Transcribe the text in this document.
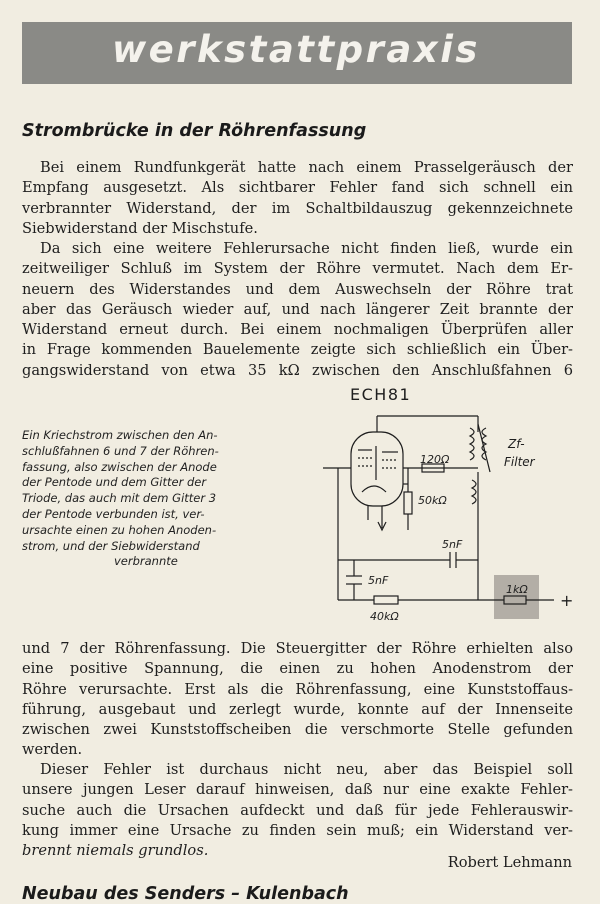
werkstattpraxis
Strombrücke in der Röhrenfassung
Bei einem Rundfunkgerät hatte nach einem Prasselgeräusch der
Empfang ausgesetzt. Als sichtbarer Fehler fand sich schnell ein
verbrannter Widerstand, der im Schaltbildauszug gekennzeichnete
Siebwiderstand der Mischstufe.
Da sich eine weitere Fehlerursache nicht finden ließ, wurde ein
zeitweiliger Schluß im System der Röhre vermutet. Nach dem Er-
neuern des Widerstandes und dem Auswechseln der Röhre trat
aber das Geräusch wieder auf, und nach längerer Zeit brannte der
Widerstand erneut durch. Bei einem nochmaligen Überprüfen aller
in Frage kommenden Bauelemente zeigte sich schließlich ein Über-
gangswiderstand von etwa 35 kΩ zwischen den Anschlußfahnen 6
Ein Kriechstrom zwischen den An-
schlußfahnen 6 und 7 der Röhren-
fassung, also zwischen der Anode
der Pentode und dem Gitter der
Triode, das auch mit dem Gitter 3
der Pentode verbunden ist, ver-
ursachte einen zu hohen Anoden-
strom, und der Siebwiderstand
verbrannte
ECH81
120Ω
50kΩ
Zf-
Filter
5nF
5nF
40kΩ
1kΩ
+
und 7 der Röhrenfassung. Die Steuergitter der Röhre erhielten also
eine positive Spannung, die einen zu hohen Anodenstrom der
Röhre verursachte. Erst als die Röhrenfassung, eine Kunststoffaus-
führung, ausgebaut und zerlegt wurde, konnte auf der Innenseite
zwischen zwei Kunststoffscheiben die verschmorte Stelle gefunden
werden.
Dieser Fehler ist durchaus nicht neu, aber das Beispiel soll
unsere jungen Leser darauf hinweisen, daß nur eine exakte Fehler-
suche auch die Ursachen aufdeckt und daß für jede Fehlerauswir-
kung immer eine Ursache zu finden sein muß; ein Widerstand ver-
brennt niemals grundlos.
Robert Lehmann
Neubau des Senders – Kulenbach
